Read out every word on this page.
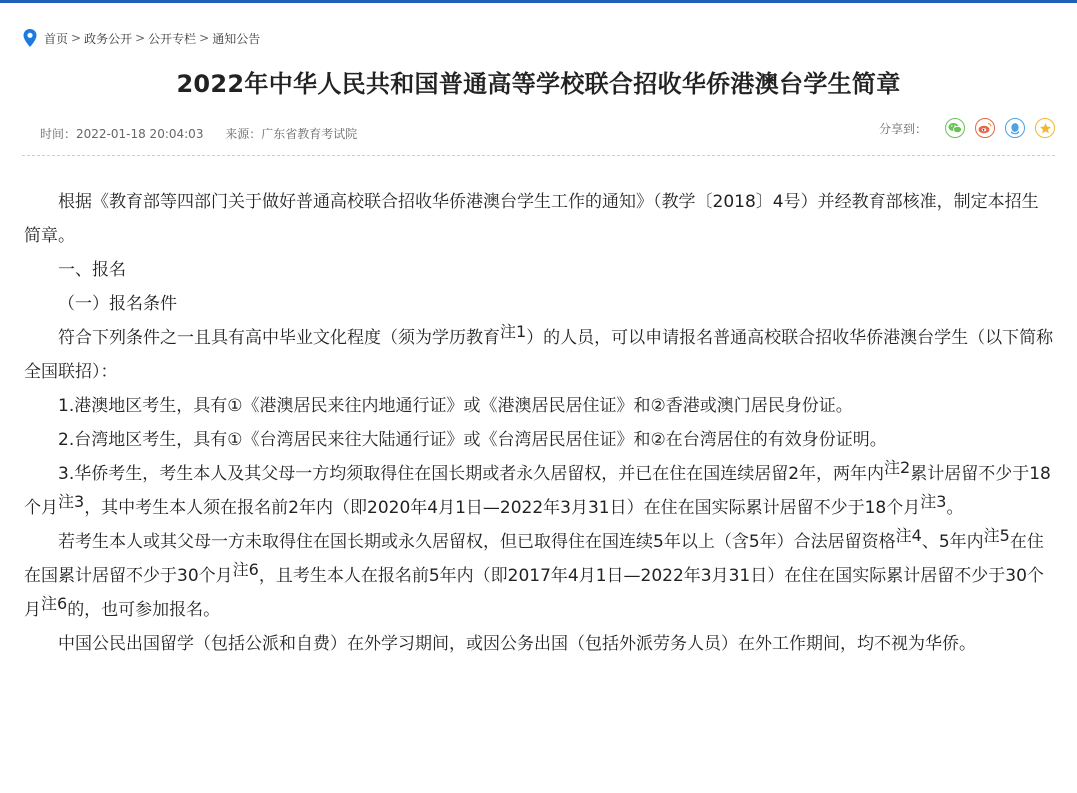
首页 > 政务公开 > 公开专栏 > 通知公告
2022年中华人民共和国普通高等学校联合招收华侨港澳台学生简章
时间：2022-01-18 20:04:03 来源：广东省教育考试院	分享到：

根据《教育部等四部门关于做好普通高校联合招收华侨港澳台学生工作的通知》（教学〔2018〕4号）并经教育部核准，制定本招生简章。

一、报名

（一）报名条件

符合下列条件之一且具有高中毕业文化程度（须为学历教育$^{注1}$）的人员，可以申请报名普通高校联合招收华侨港澳台学生（以下简称全国联招）：

1.港澳地区考生，具有①《港澳居民来往内地通行证》或《港澳居民居住证》和②香港或澳门居民身份证。

2.台湾地区考生，具有①《台湾居民来往大陆通行证》或《台湾居民居住证》和②在台湾居住的有效身份证明。

3.华侨考生，考生本人及其父母一方均须取得住在国长期或者永久居留权，并已在住在国连续居留2年，两年内$^{注2}$累计居留不少于18个月$^{注3}$，其中考生本人须在报名前2年内（即2020年4月1日—2022年3月31日）在住在国实际累计居留不少于18个月$^{注3}$。

若考生本人或其父母一方未取得住在国长期或永久居留权，但已取得住在国连续5年以上（含5年）合法居留资格$^{注4}$、5年内$^{注5}$在住在国累计居留不少于30个月$^{注6}$，且考生本人在报名前5年内（即2017年4月1日—2022年3月31日）在住在国实际累计居留不少于30个月$^{注6}$的，也可参加报名。

中国公民出国留学（包括公派和自费）在外学习期间，或因公务出国（包括外派劳务人员）在外工作期间，均不视为华侨。
